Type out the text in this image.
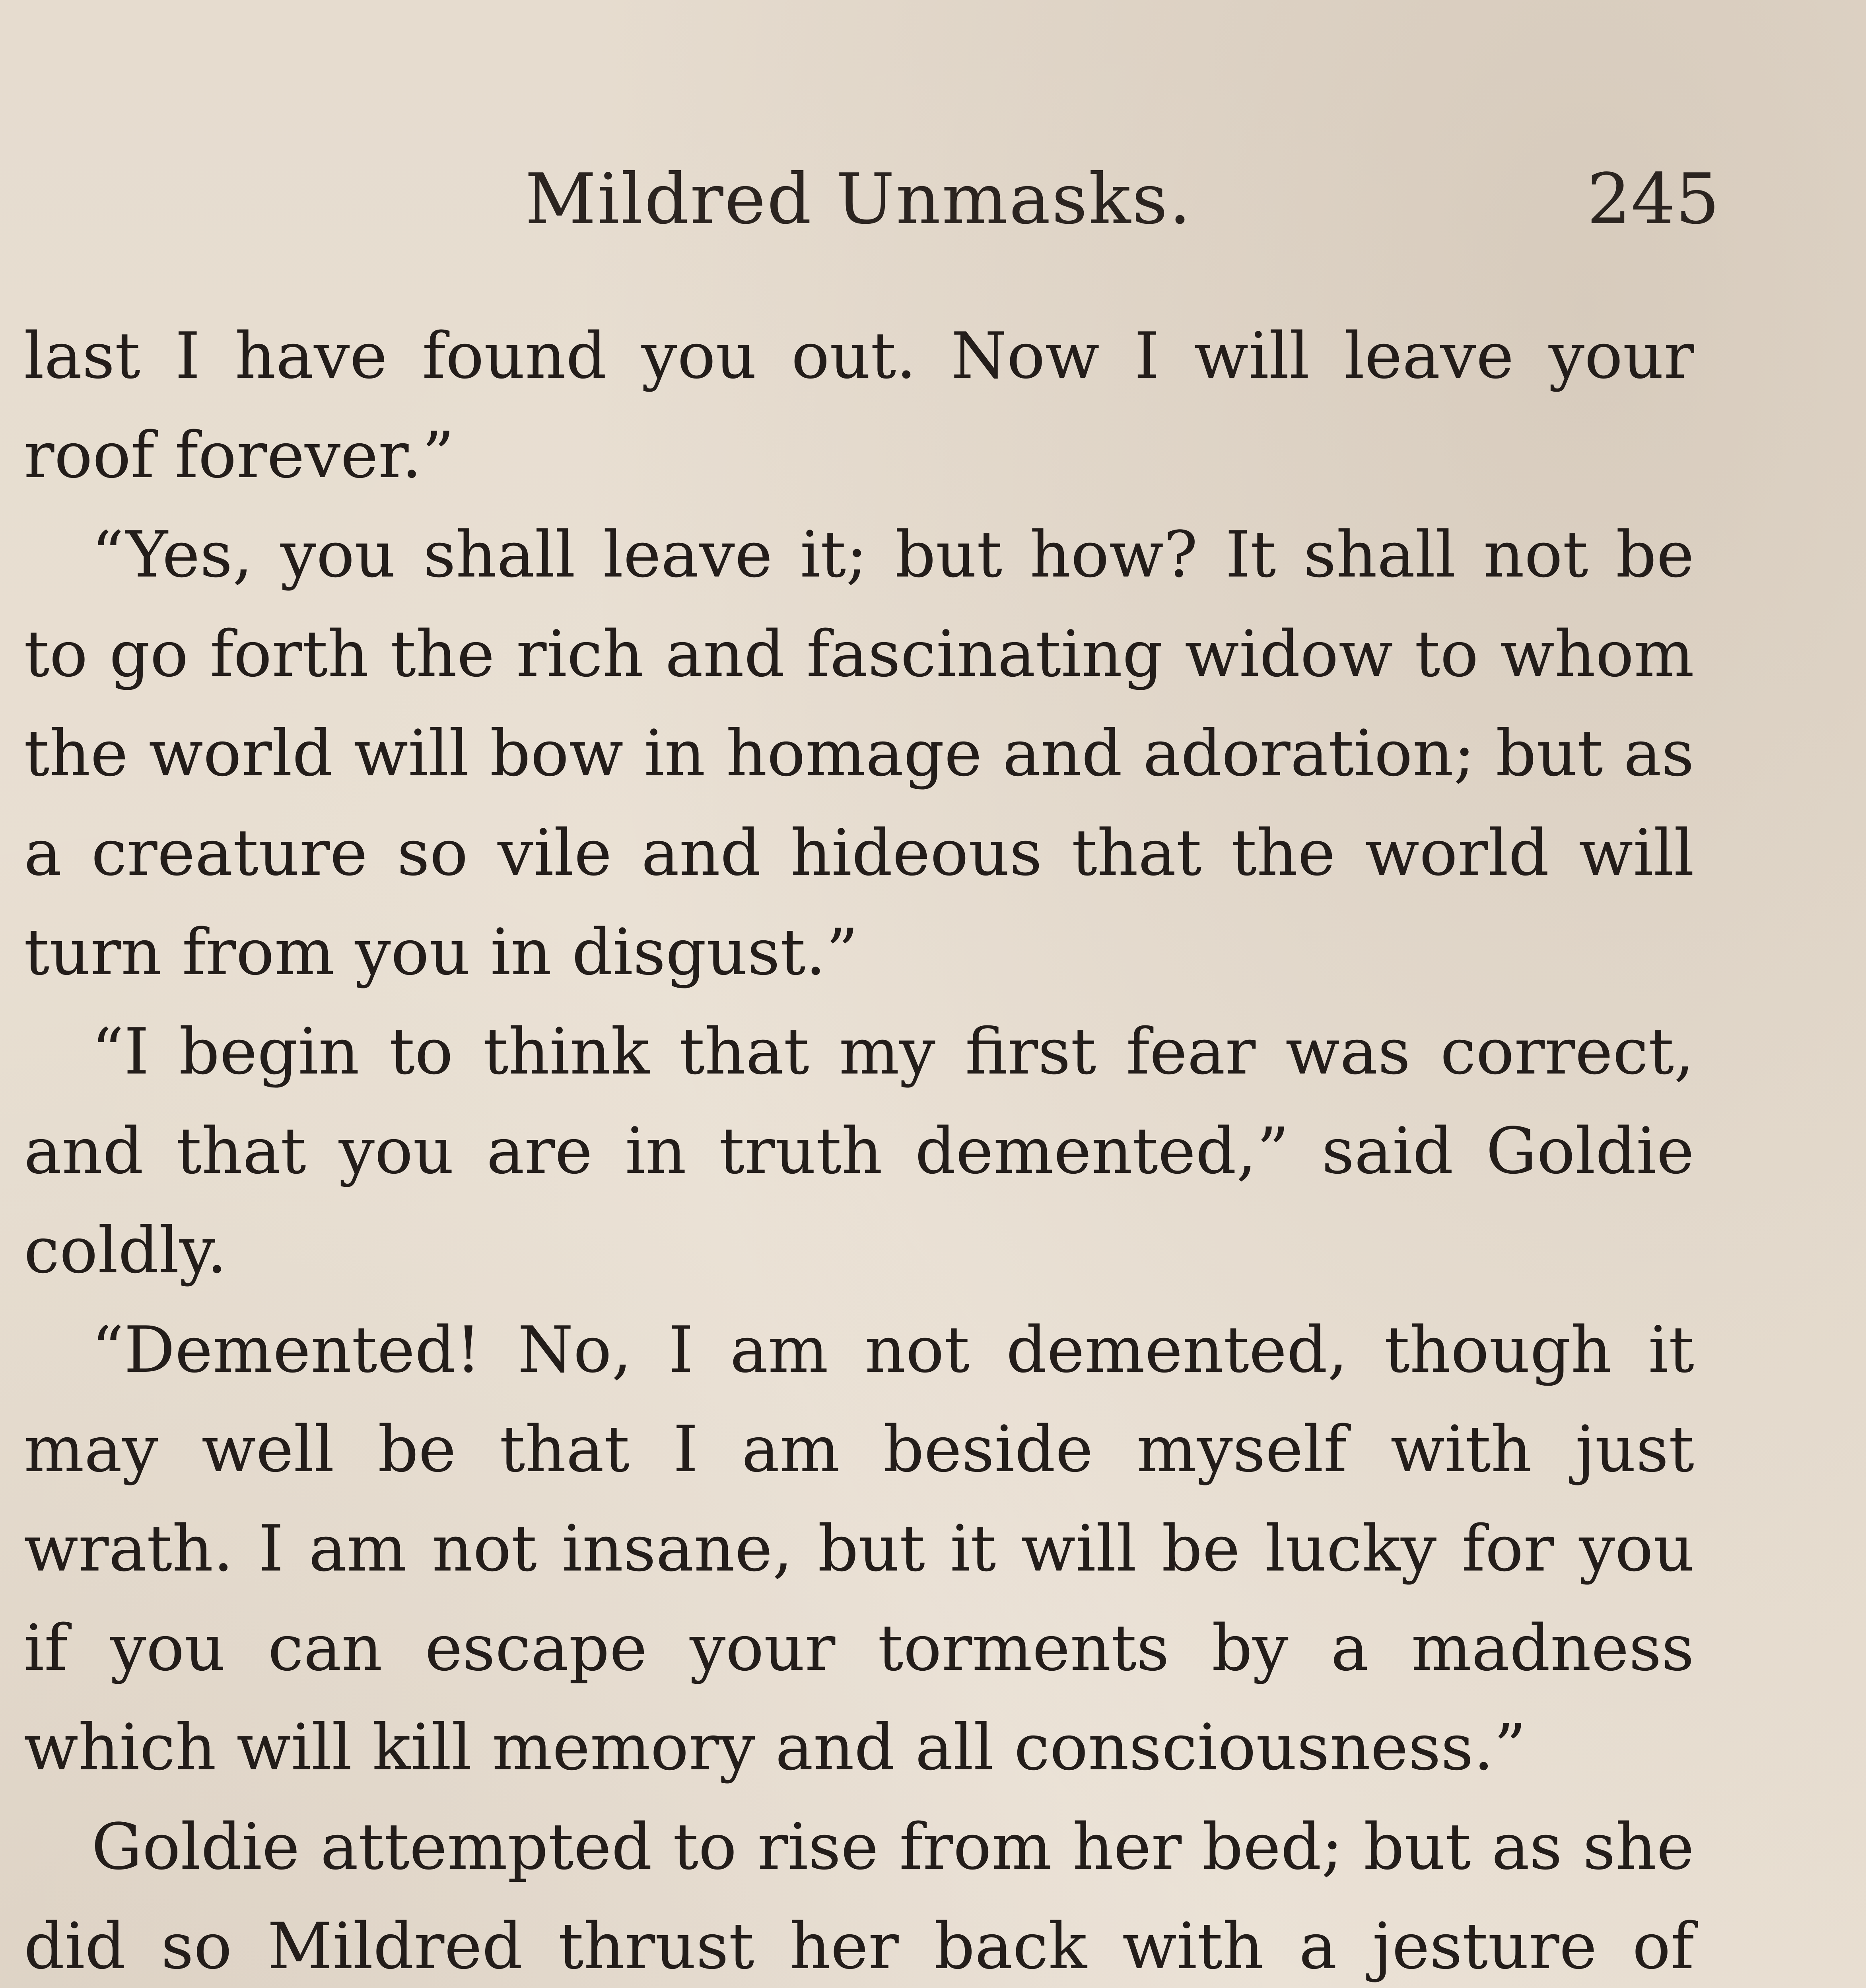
Mildred Unmasks.	245

last I have found you out. Now I will leave your roof forever.”

“Yes, you shall leave it; but how? It shall not be to go forth the rich and fascinating widow to whom the world will bow in homage and adoration; but as a creature so vile and hideous that the world will turn from you in disgust.”

“I begin to think that my first fear was correct, and that you are in truth demented,” said Goldie coldly.

“Demented! No, I am not demented, though it may well be that I am beside myself with just wrath. I am not insane, but it will be lucky for you if you can escape your torments by a madness which will kill memory and all consciousness.”

Goldie attempted to rise from her bed; but as she did so Mildred thrust her back with a jesture of
